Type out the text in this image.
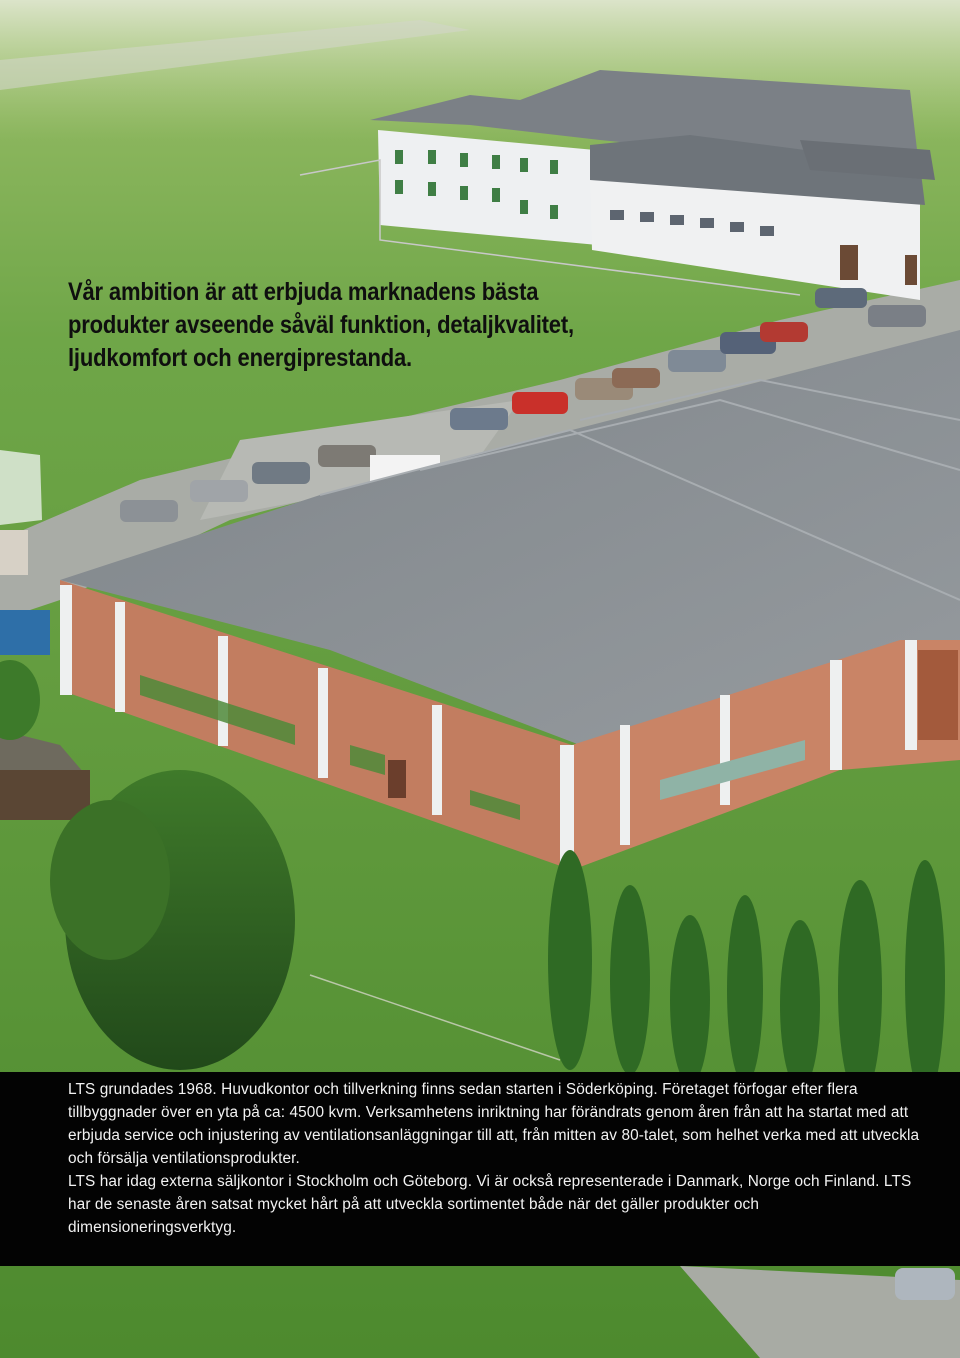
Vår ambition är att erbjuda marknadens bästa
produkter avseende såväl funktion, detaljkvalitet,
ljudkomfort och energiprestanda.

LTS grundades 1968. Huvudkontor och tillverkning finns sedan starten i Söderköping. Företaget förfogar efter flera tillbyggnader över en yta på ca: 4500 kvm. Verksamhetens inriktning har förändrats genom åren från att ha startat med att erbjuda service och injustering av ventilationsanläggningar till att, från mitten av 80-talet, som helhet verka med att utveckla och försälja ventilationsprodukter.

LTS har idag externa säljkontor i Stockholm och Göteborg. Vi är också representerade i Danmark, Norge och Finland. LTS har de senaste åren satsat mycket hårt på att utveckla sortimentet både när det gäller produkter och dimensioneringsverktyg.
